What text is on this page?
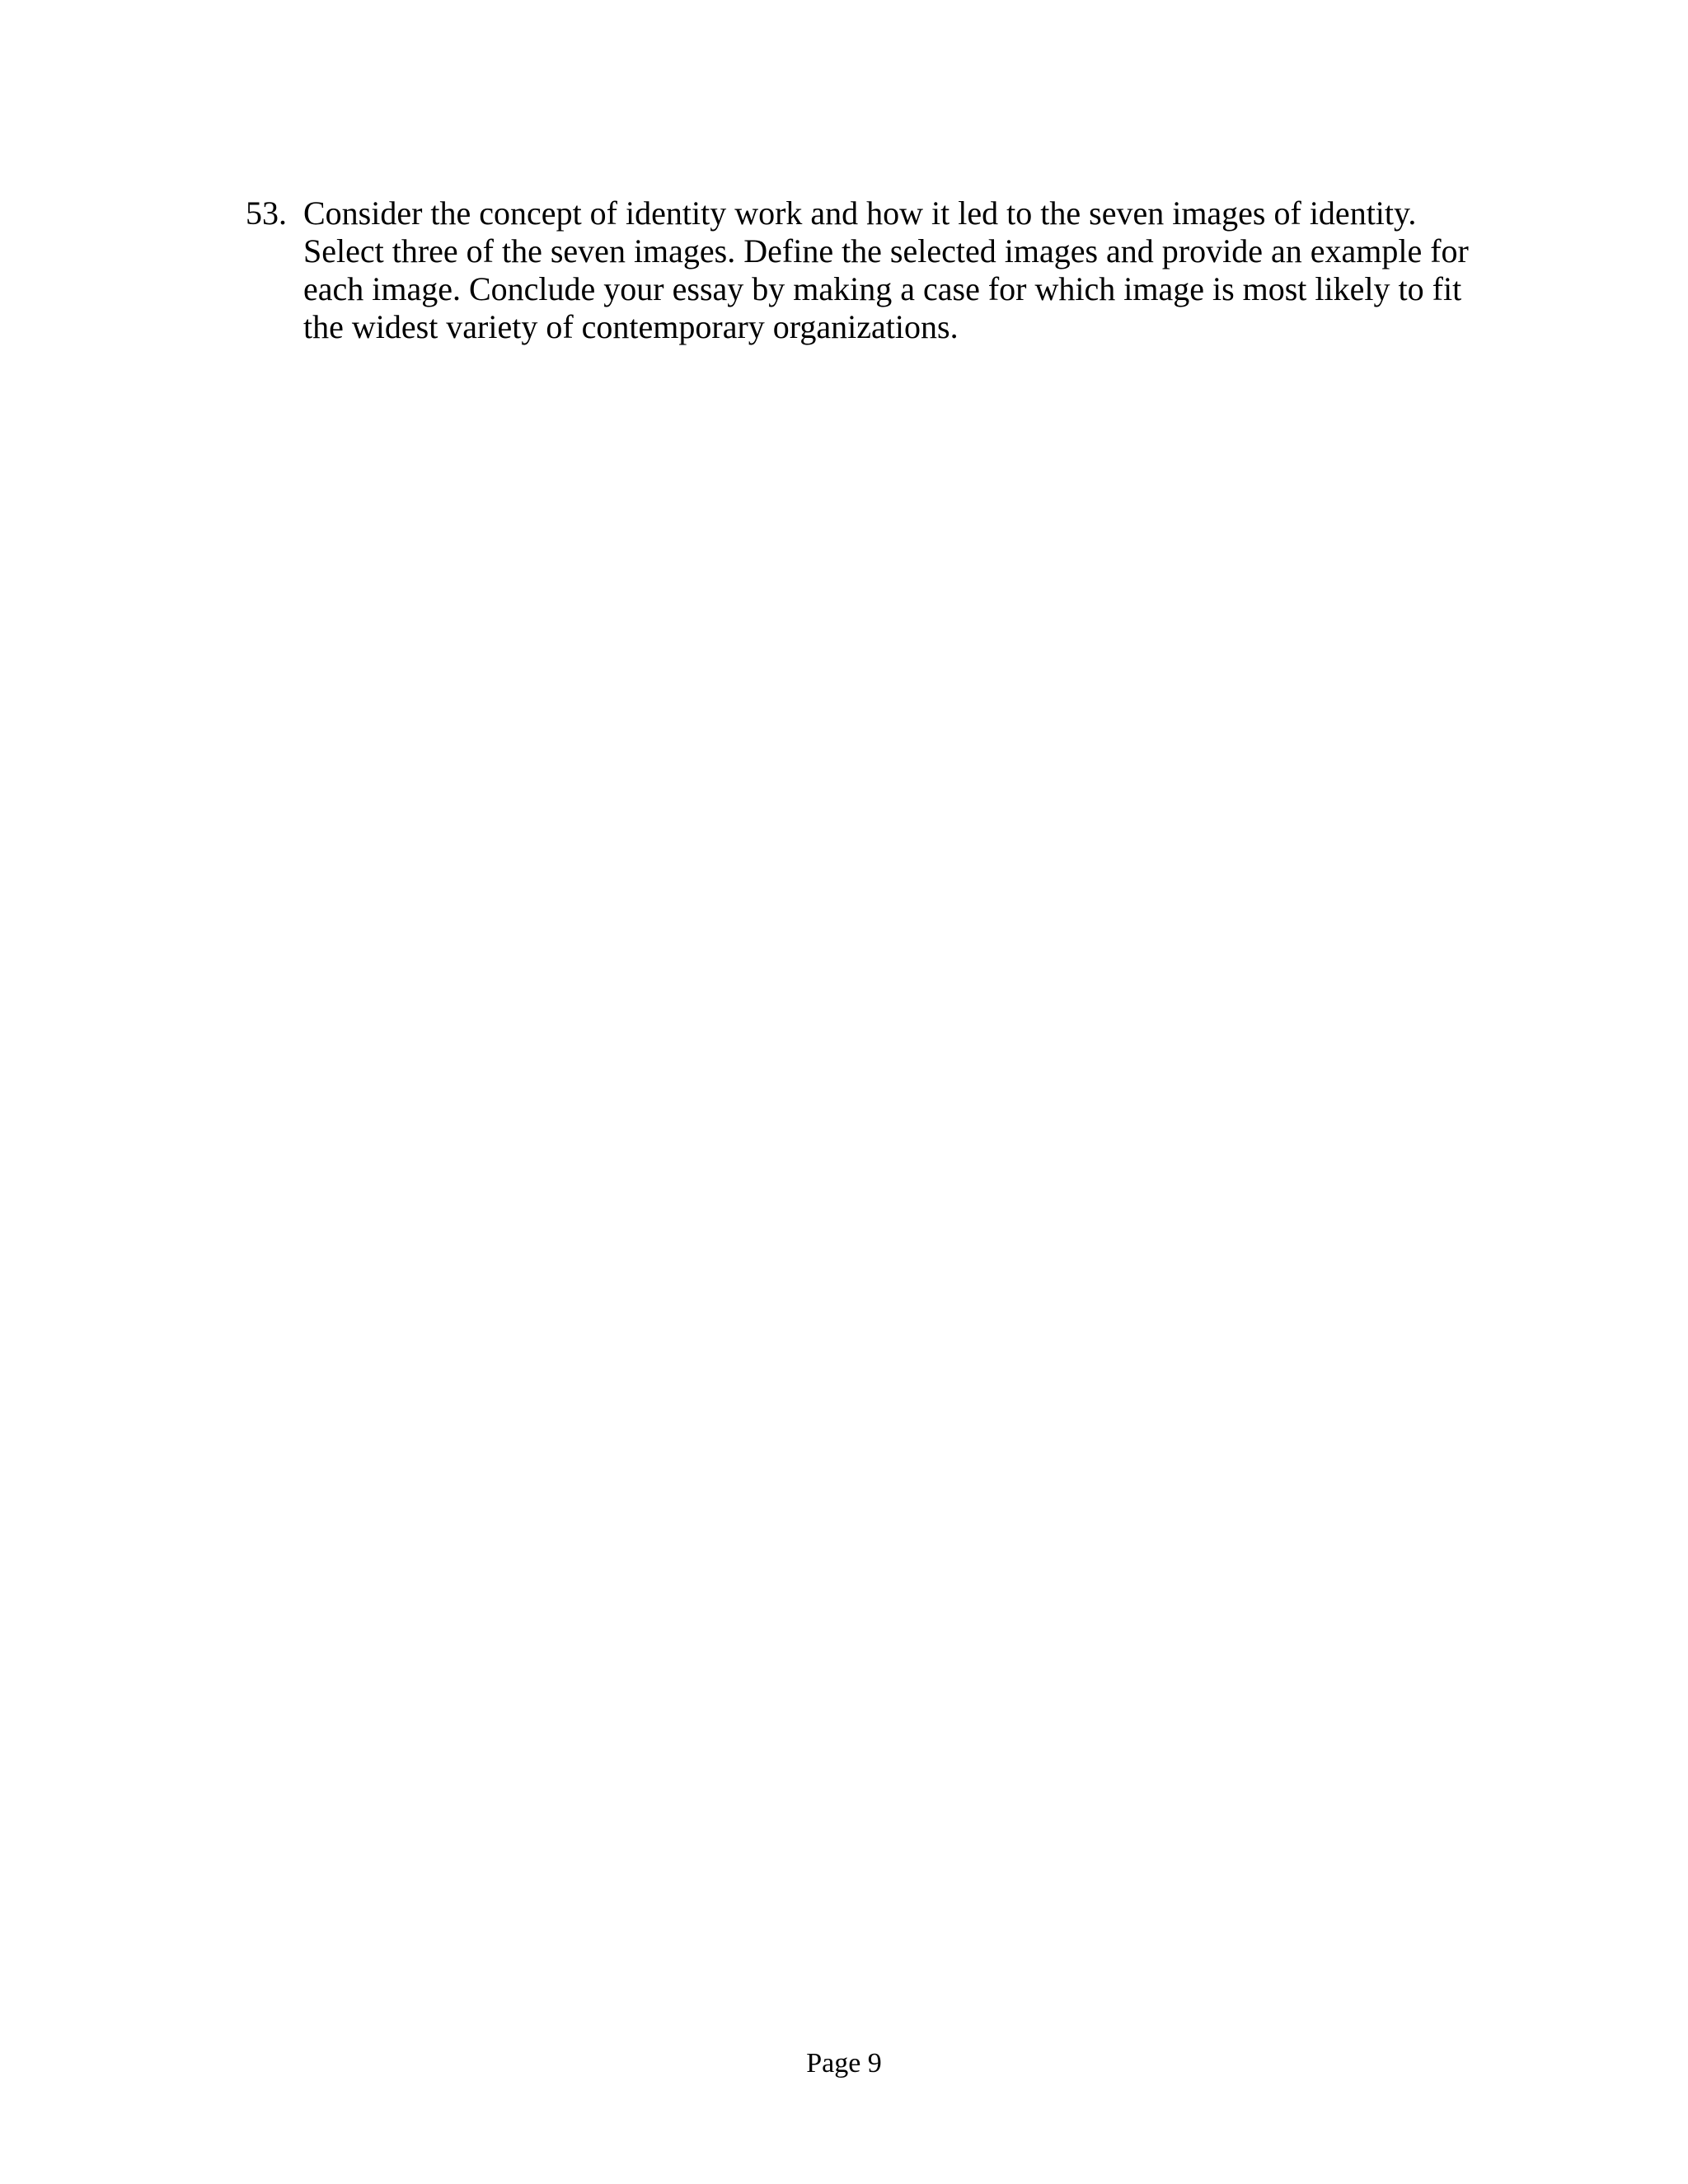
53. Consider the concept of identity work and how it led to the seven images of identity.
Select three of the seven images. Define the selected images and provide an example for
each image. Conclude your essay by making a case for which image is most likely to fit
the widest variety of contemporary organizations.
Page 9
